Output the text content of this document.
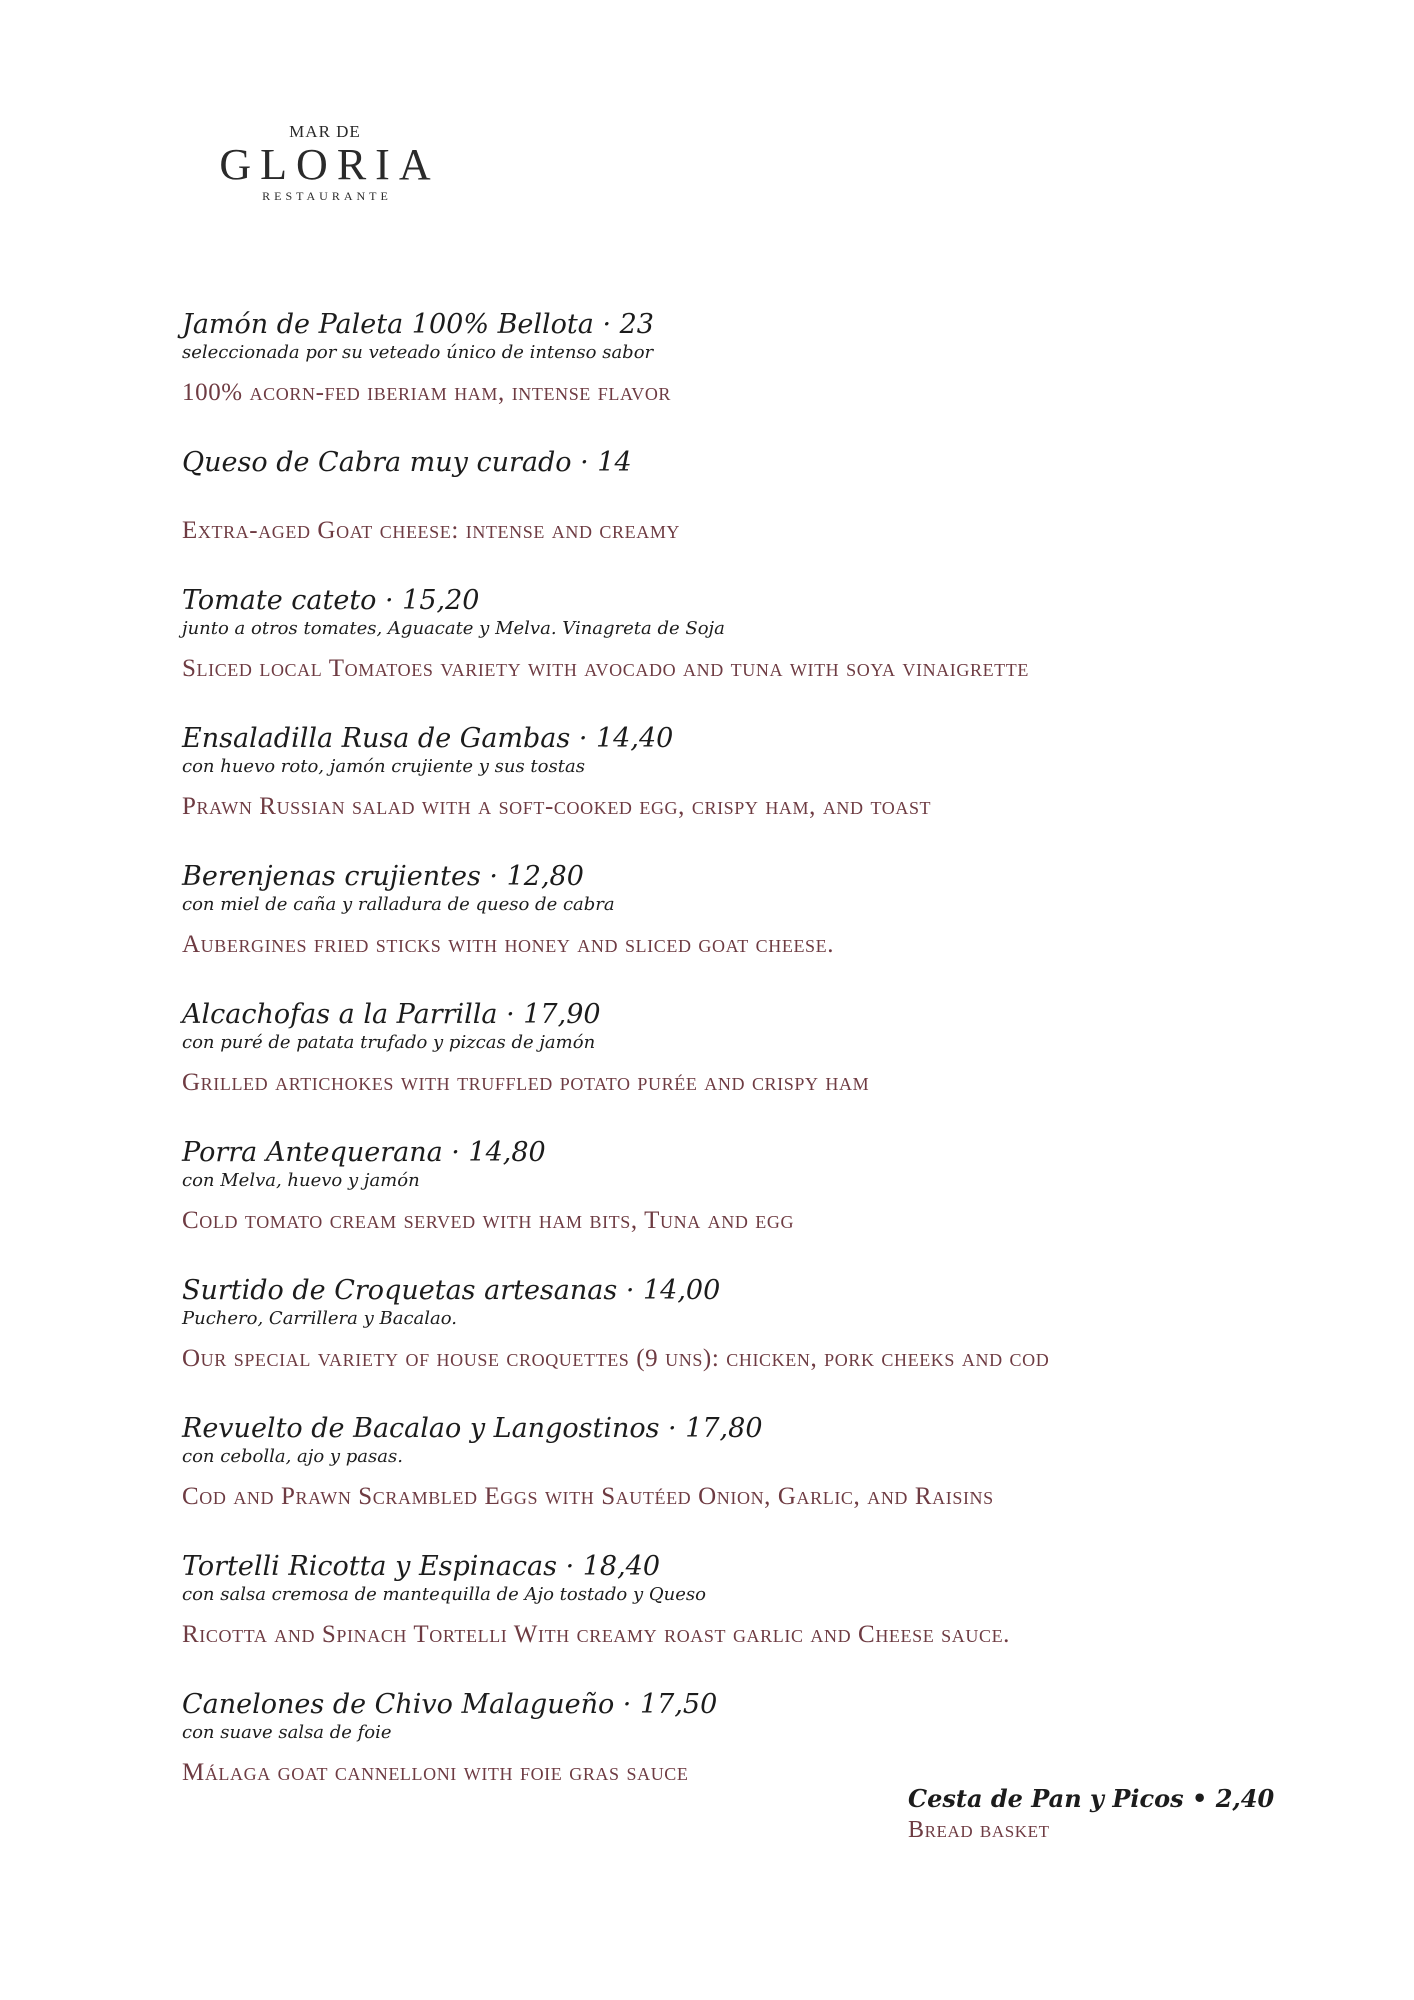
MAR DE
GLORIA
RESTAURANTE
Jamón de Paleta 100% Bellota · 23
seleccionada por su veteado único de intenso sabor
100% acorn-fed iberiam ham, intense flavor
Queso de Cabra muy curado · 14
Extra-aged Goat cheese: intense and creamy
Tomate cateto · 15,20
junto a otros tomates, Aguacate y Melva. Vinagreta de Soja
Sliced local Tomatoes variety with avocado and tuna with soya vinaigrette
Ensaladilla Rusa de Gambas · 14,40
con huevo roto, jamón crujiente y sus tostas
Prawn Russian salad with a soft-cooked egg, crispy ham, and toast
Berenjenas crujientes · 12,80
con miel de caña y ralladura de queso de cabra
Aubergines fried sticks with honey and sliced goat cheese.
Alcachofas a la Parrilla · 17,90
con puré de patata trufado y pizcas de jamón
Grilled artichokes with truffled potato purée and crispy ham
Porra Antequerana · 14,80
con Melva, huevo y jamón
Cold tomato cream served with ham bits, Tuna and egg
Surtido de Croquetas artesanas · 14,00
Puchero, Carrillera y Bacalao.
Our special variety of house croquettes (9 uns): chicken, pork cheeks and cod
Revuelto de Bacalao y Langostinos · 17,80
con cebolla, ajo y pasas.
Cod and Prawn Scrambled Eggs with Sautéed Onion, Garlic, and Raisins
Tortelli Ricotta y Espinacas · 18,40
con salsa cremosa de mantequilla de Ajo tostado y Queso
Ricotta and Spinach Tortelli With creamy roast garlic and Cheese sauce.
Canelones de Chivo Malagueño · 17,50
con suave salsa de foie
Málaga goat cannelloni with foie gras sauce
Cesta de Pan y Picos • 2,40
Bread basket
